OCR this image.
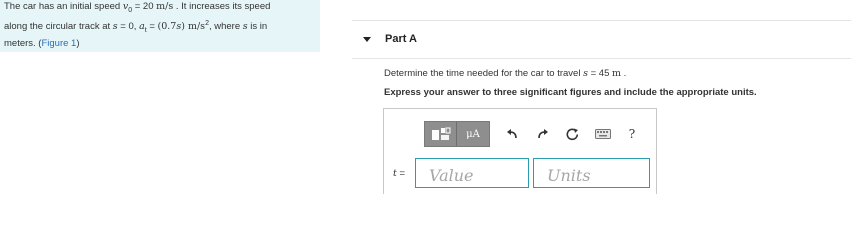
The car has an initial speed $v_0 = 20$ m/s . It increases its speed
along the circular track at s = 0, $a_t = (0.7s)$ $m/s^2$, where s is in
meters. (Figure 1)	Part A
Determine the time needed for the car to travel s = 45 m .
Express your answer to three significant figures and include the appropriate units.
μA	?
t =
Value
Units
